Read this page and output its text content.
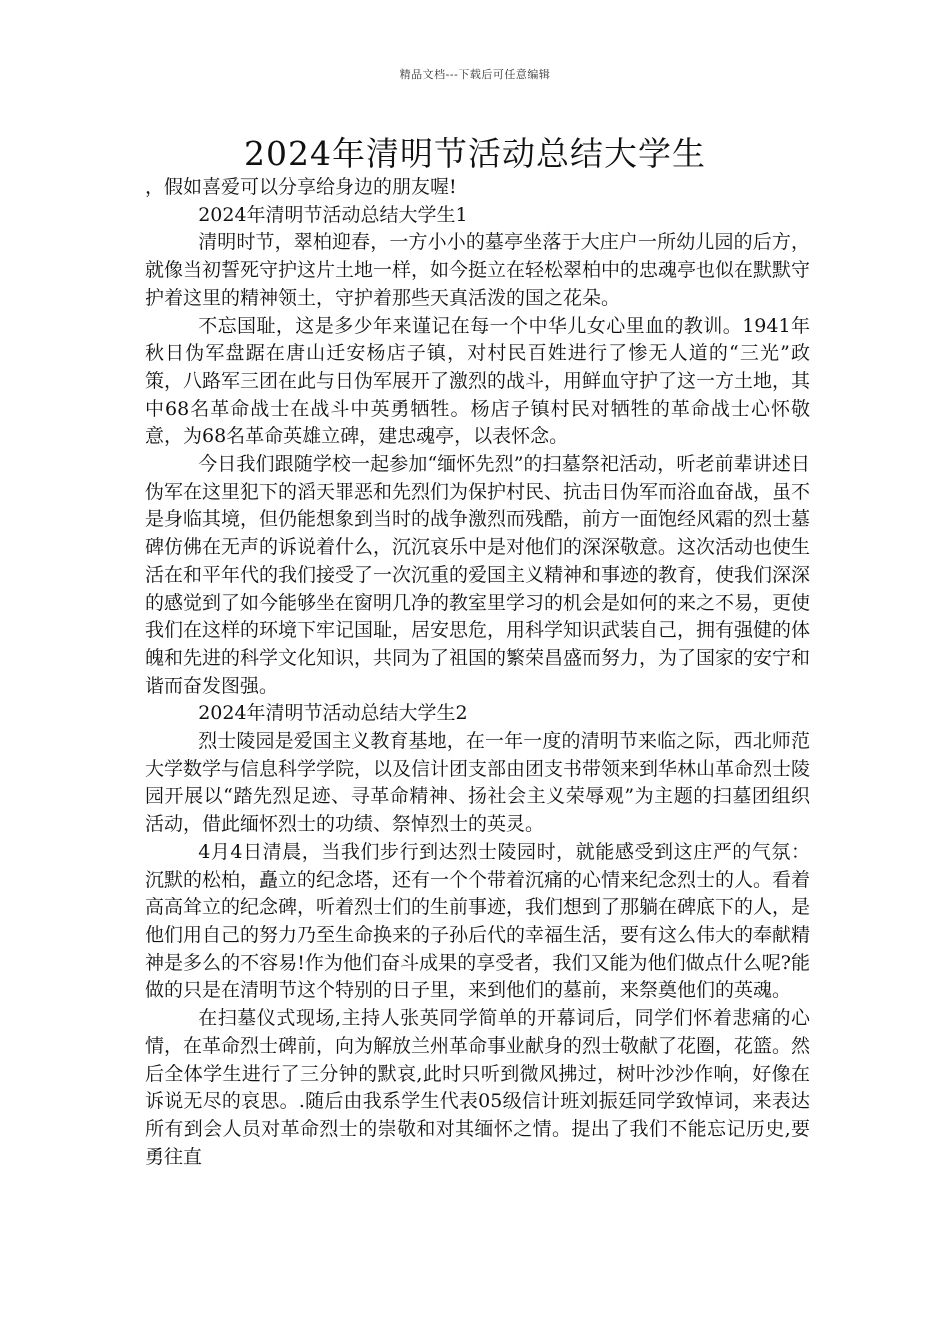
精品文档---下载后可任意编辑
2024年清明节活动总结大学生

，假如喜爱可以分享给身边的朋友喔!

2024年清明节活动总结大学生1

清明时节，翠柏迎春，一方小小的墓亭坐落于大庄户一所幼儿园的后方，就像当初誓死守护这片土地一样，如今挺立在轻松翠柏中的忠魂亭也似在默默守护着这里的精神领土，守护着那些天真活泼的国之花朵。

不忘国耻，这是多少年来谨记在每一个中华儿女心里血的教训。1941年秋日伪军盘踞在唐山迁安杨店子镇，对村民百姓进行了惨无人道的“三光”政策，八路军三团在此与日伪军展开了激烈的战斗，用鲜血守护了这一方土地，其中68名革命战士在战斗中英勇牺牲。杨店子镇村民对牺牲的革命战士心怀敬意，为68名革命英雄立碑，建忠魂亭，以表怀念。

今日我们跟随学校一起参加“缅怀先烈”的扫墓祭祀活动，听老前辈讲述日伪军在这里犯下的滔天罪恶和先烈们为保护村民、抗击日伪军而浴血奋战，虽不是身临其境，但仍能想象到当时的战争激烈而残酷，前方一面饱经风霜的烈士墓碑仿佛在无声的诉说着什么，沉沉哀乐中是对他们的深深敬意。这次活动也使生活在和平年代的我们接受了一次沉重的爱国主义精神和事迹的教育，使我们深深的感觉到了如今能够坐在窗明几净的教室里学习的机会是如何的来之不易，更使我们在这样的环境下牢记国耻，居安思危，用科学知识武装自己，拥有强健的体魄和先进的科学文化知识，共同为了祖国的繁荣昌盛而努力，为了国家的安宁和谐而奋发图强。

2024年清明节活动总结大学生2

烈士陵园是爱国主义教育基地，在一年一度的清明节来临之际，西北师范大学数学与信息科学学院，以及信计团支部由团支书带领来到华林山革命烈士陵园开展以“踏先烈足迹、寻革命精神、扬社会主义荣辱观”为主题的扫墓团组织活动，借此缅怀烈士的功绩、祭悼烈士的英灵。

4月4日清晨，当我们步行到达烈士陵园时，就能感受到这庄严的气氛：沉默的松柏，矗立的纪念塔，还有一个个带着沉痛的心情来纪念烈士的人。看着高高耸立的纪念碑，听着烈士们的生前事迹，我们想到了那躺在碑底下的人，是他们用自己的努力乃至生命换来的子孙后代的幸福生活，要有这么伟大的奉献精神是多么的不容易!作为他们奋斗成果的享受者，我们又能为他们做点什么呢?能做的只是在清明节这个特别的日子里，来到他们的墓前，来祭奠他们的英魂。

在扫墓仪式现场,主持人张英同学简单的开幕词后，同学们怀着悲痛的心情，在革命烈士碑前，向为解放兰州革命事业献身的烈士敬献了花圈，花篮。然后全体学生进行了三分钟的默哀,此时只听到微风拂过，树叶沙沙作响，好像在诉说无尽的哀思。.随后由我系学生代表05级信计班刘振廷同学致悼词，来表达所有到会人员对革命烈士的崇敬和对其缅怀之情。提出了我们不能忘记历史,要勇往直
